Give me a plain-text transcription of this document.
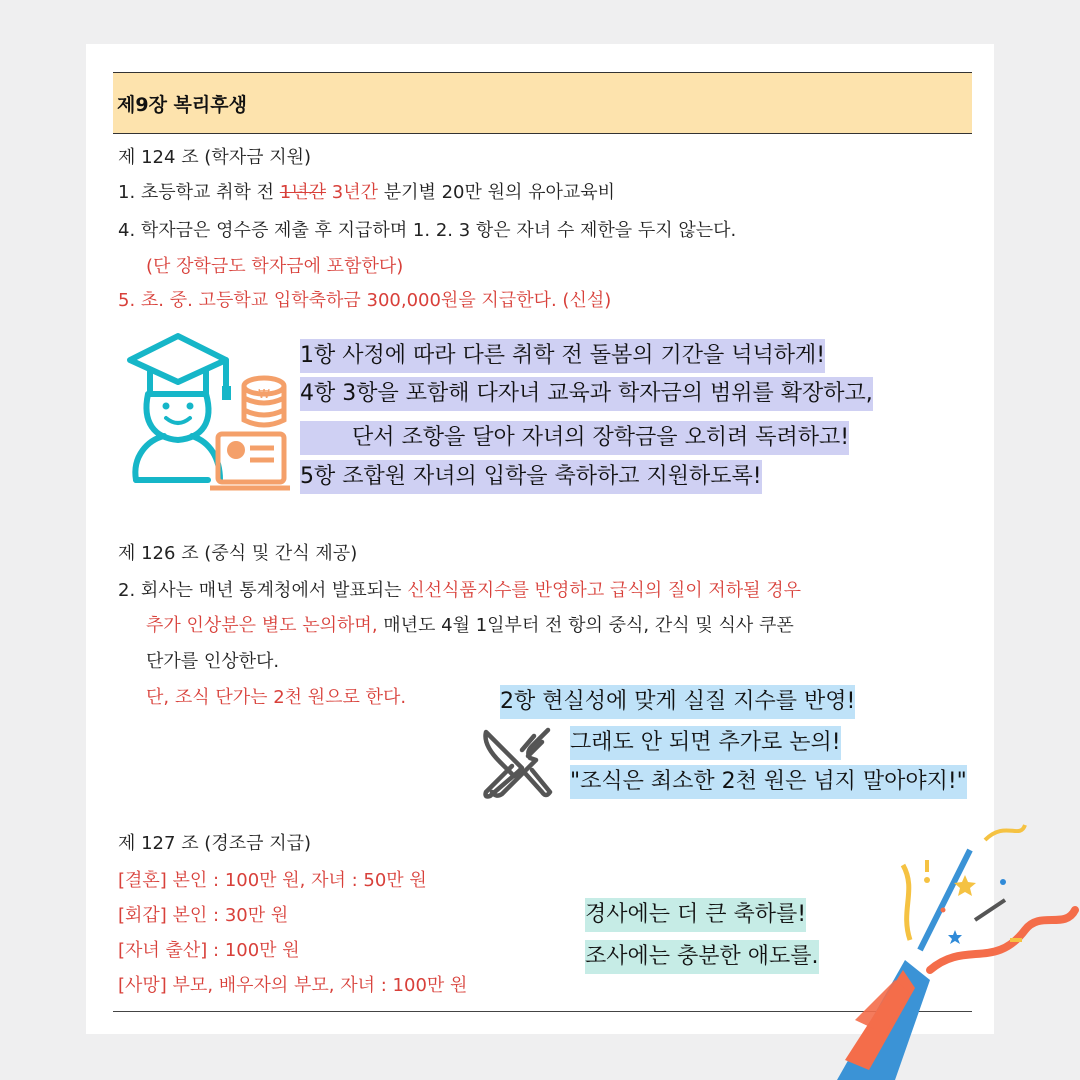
제9장 복리후생
제 124 조 (학자금 지원)
1. 초등학교 취학 전 1년간 3년간 분기별 20만 원의 유아교육비
4. 학자금은 영수증 제출 후 지급하며 1. 2. 3 항은 자녀 수 제한을 두지 않는다.
(단 장학금도 학자금에 포함한다)
5. 초. 중. 고등학교 입학축하금 300,000원을 지급한다. (신설)
₩
1항 사정에 따라 다른 취학 전 돌봄의 기간을 넉넉하게!
4항 3항을 포함해 다자녀 교육과 학자금의 범위를 확장하고,
단서 조항을 달아 자녀의 장학금을 오히려 독려하고!
5항 조합원 자녀의 입학을 축하하고 지원하도록!
제 126 조 (중식 및 간식 제공)
2. 회사는 매년 통계청에서 발표되는 신선식품지수를 반영하고 급식의 질이 저하될 경우
추가 인상분은 별도 논의하며, 매년도 4월 1일부터 전 항의 중식, 간식 및 식사 쿠폰
단가를 인상한다.
단, 조식 단가는 2천 원으로 한다.	2항 현실성에 맞게 실질 지수를 반영!
그래도 안 되면 추가로 논의!
"조식은 최소한 2천 원은 넘지 말아야지!"
제 127 조 (경조금 지급)
[결혼] 본인 : 100만 원, 자녀 : 50만 원
[회갑] 본인 : 30만 원
[자녀 출산] : 100만 원
[사망] 부모, 배우자의 부모, 자녀 : 100만 원
경사에는 더 큰 축하를!
조사에는 충분한 애도를.
